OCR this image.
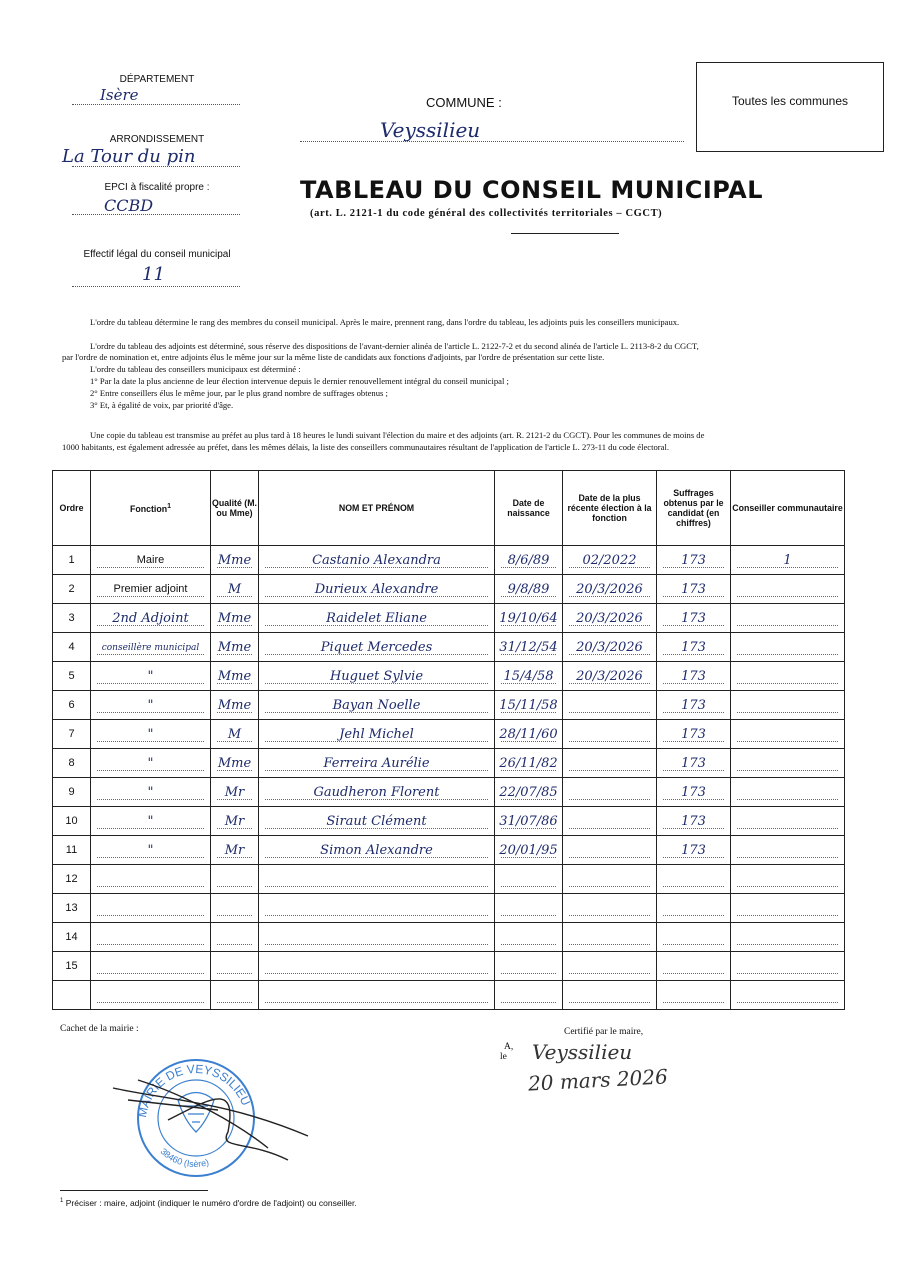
DÉPARTEMENT
Isère
ARRONDISSEMENT
La Tour du pin
EPCI à fiscalité propre :
CCBD
Effectif légal du conseil municipal
11
COMMUNE :
Veyssilieu
Toutes les communes
TABLEAU DU CONSEIL MUNICIPAL
(art. L. 2121-1 du code général des collectivités territoriales – CGCT)
L'ordre du tableau détermine le rang des membres du conseil municipal. Après le maire, prennent rang, dans l'ordre du tableau, les adjoints puis les conseillers municipaux.
L'ordre du tableau des adjoints est déterminé, sous réserve des dispositions de l'avant-dernier alinéa de l'article L. 2122-7-2 et du second alinéa de l'article L. 2113-8-2 du CGCT,
par l'ordre de nomination et, entre adjoints élus le même jour sur la même liste de candidats aux fonctions d'adjoints, par l'ordre de présentation sur cette liste.
L'ordre du tableau des conseillers municipaux est déterminé :
1° Par la date la plus ancienne de leur élection intervenue depuis le dernier renouvellement intégral du conseil municipal ;
2° Entre conseillers élus le même jour, par le plus grand nombre de suffrages obtenus ;
3° Et, à égalité de voix, par priorité d'âge.
Une copie du tableau est transmise au préfet au plus tard à 18 heures le lundi suivant l'élection du maire et des adjoints (art. R. 2121-2 du CGCT). Pour les communes de moins de
1000 habitants, est également adressée au préfet, dans les mêmes délais, la liste des conseillers communautaires résultant de l'application de l'article L. 273-11 du code électoral.
Ordre	Fonction$^1$	Qualité (M. ou Mme)	NOM ET PRÉNOM	Date de naissance	Date de la plus récente élection à la fonction	Suffrages obtenus par le candidat (en chiffres)	Conseiller communautaire
1	Maire	Mme	Castanio Alexandra	8/6/89	02/2022	173	1
2	Premier adjoint	M	Durieux Alexandre	9/8/89	20/3/2026	173	

3	2nd Adjoint	Mme	Raidelet Eliane	19/10/64	20/3/2026	173	

4	conseillère municipal	Mme	Piquet Mercedes	31/12/54	20/3/2026	173	

5	"	Mme	Huguet Sylvie	15/4/58	20/3/2026	173	

6	"	Mme	Bayan Noelle	15/11/58		173	

7	"	M	Jehl Michel	28/11/60		173	

8	"	Mme	Ferreira Aurélie	26/11/82		173	

9	"	Mr	Gaudheron Florent	22/07/85		173	

10	"	Mr	Siraut Clément	31/07/86		173	

11	"	Mr	Simon Alexandre	20/01/95		173	

12	

13	

14	

15	

Cachet de la mairie :	Certifié par le maire,
A,
le Veyssilieu
20 mars 2026
MAIRIE DE VEYSSILIEU
38460 (Isère)
$^1$ Préciser : maire, adjoint (indiquer le numéro d'ordre de l'adjoint) ou conseiller.
